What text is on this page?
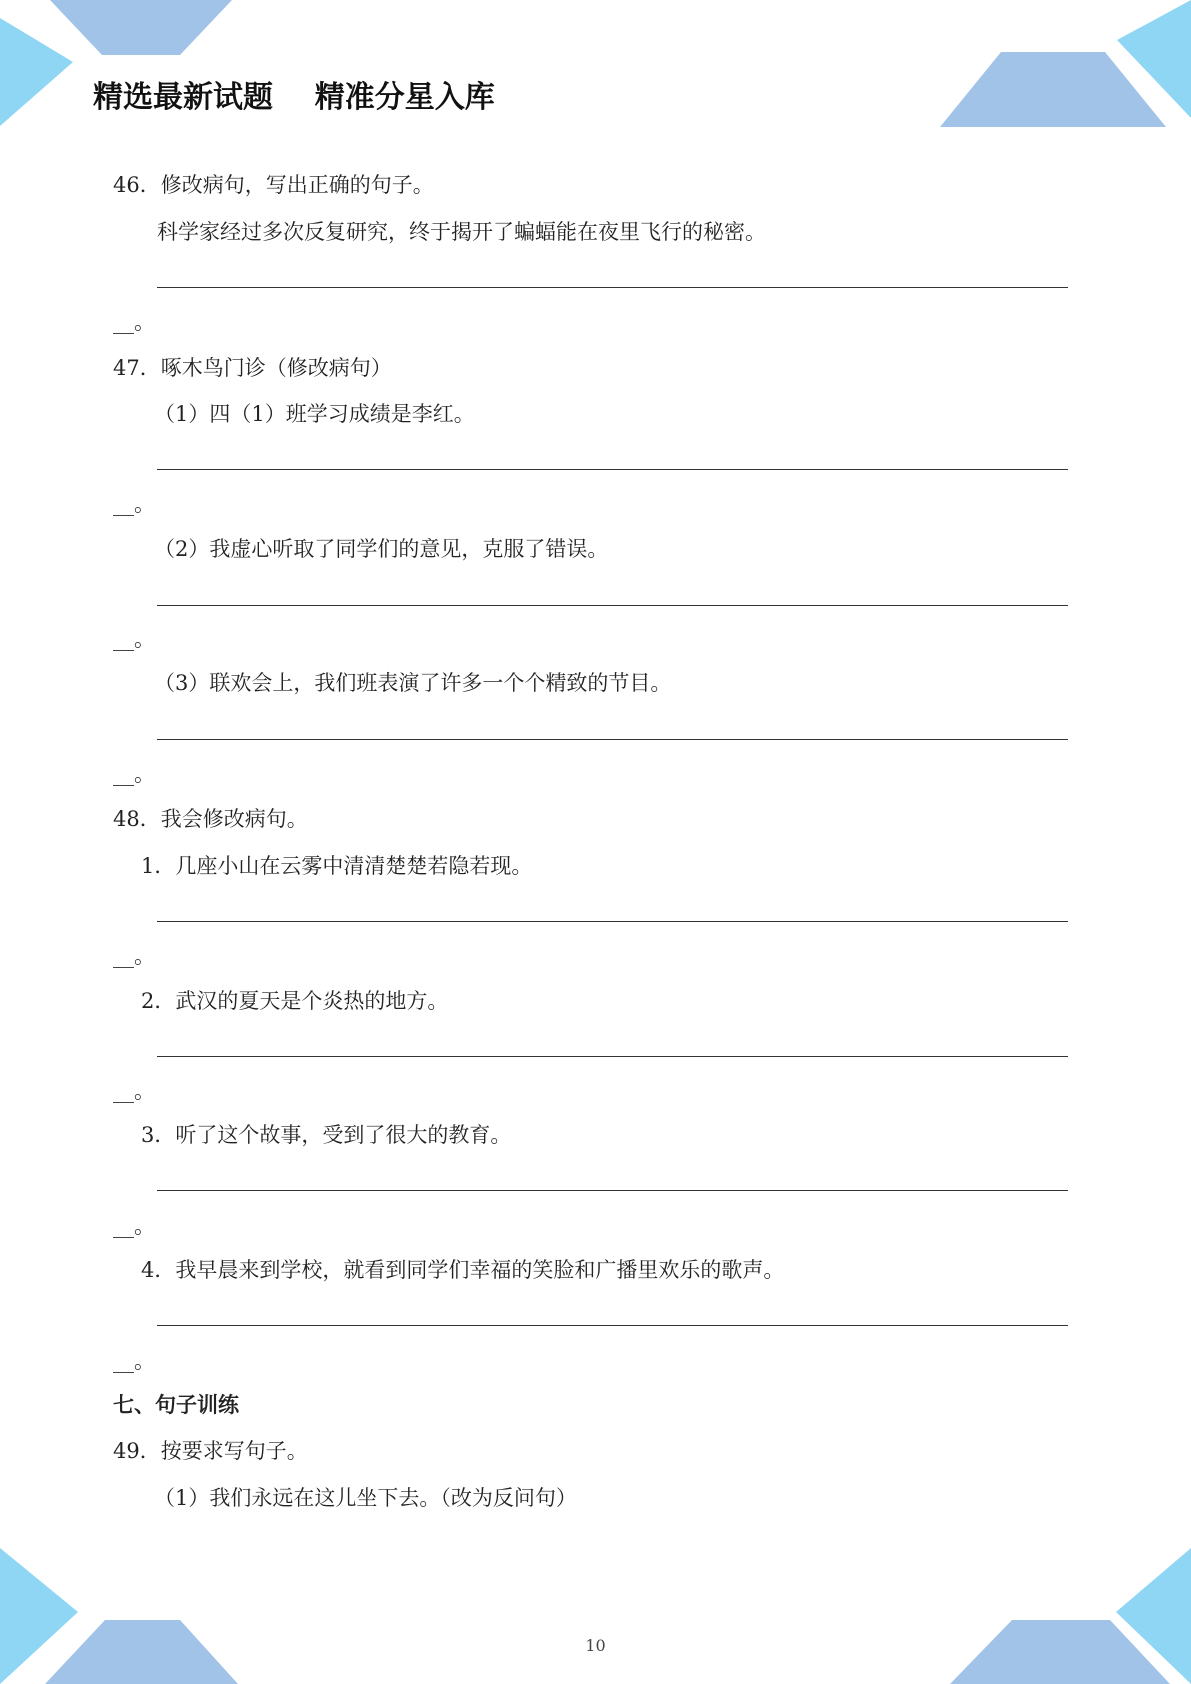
精选最新试题    精准分星入库

46．修改病句，写出正确的句子。

科学家经过多次反复研究，终于揭开了蝙蝠能在夜里飞行的秘密。

__。

47．啄木鸟门诊（修改病句）

（1）四（1）班学习成绩是李红。

__。

（2）我虚心听取了同学们的意见，克服了错误。

__。

（3）联欢会上，我们班表演了许多一个个精致的节目。

__。

48．我会修改病句。

1．几座小山在云雾中清清楚楚若隐若现。

__。

2．武汉的夏天是个炎热的地方。

__。

3．听了这个故事，受到了很大的教育。

__。

4．我早晨来到学校，就看到同学们幸福的笑脸和广播里欢乐的歌声。

__。

七、句子训练

49．按要求写句子。

（1）我们永远在这儿坐下去。（改为反问句）

10
